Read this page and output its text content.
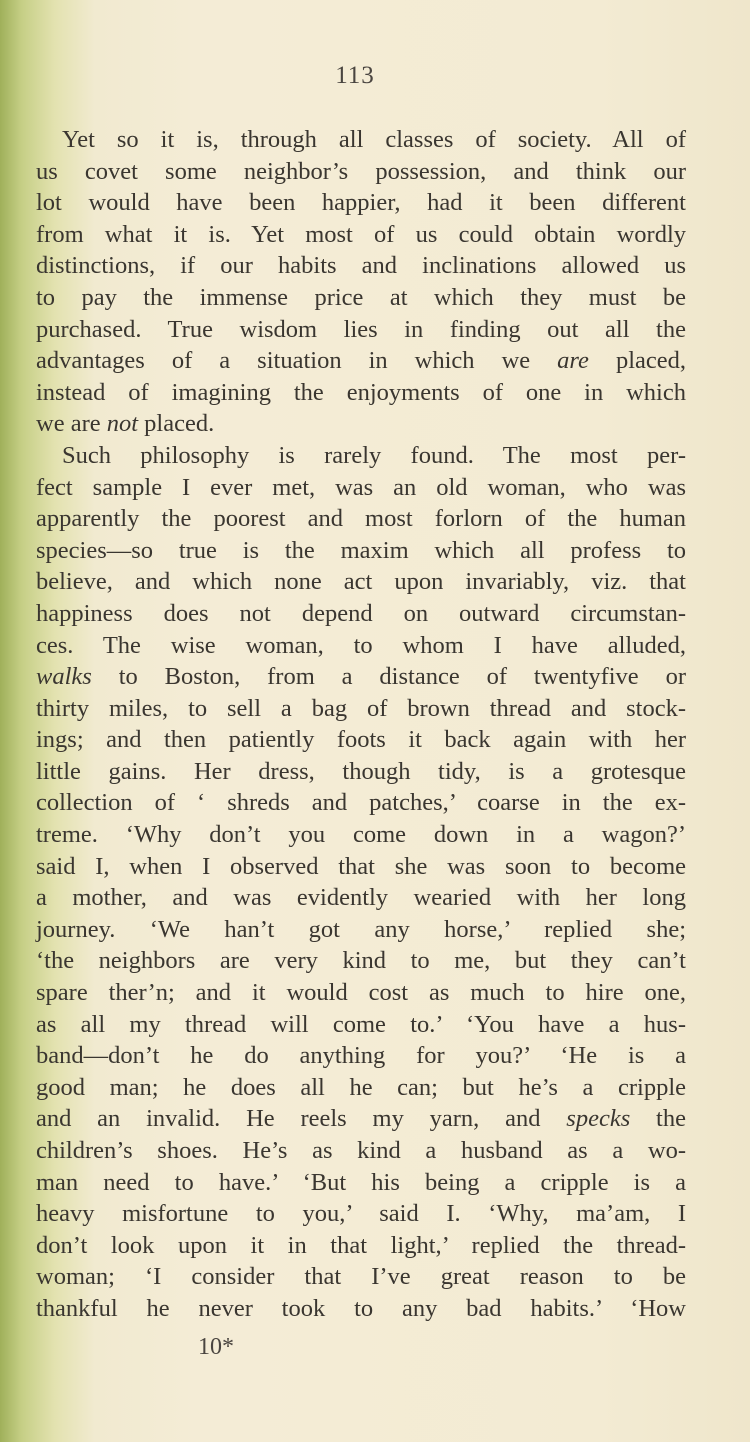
113
Yet so it is, through all classes of society. All of
us covet some neighbor’s possession, and think our
lot would have been happier, had it been different
from what it is. Yet most of us could obtain wordly
distinctions, if our habits and inclinations allowed us
to pay the immense price at which they must be
purchased. True wisdom lies in finding out all the
advantages of a situation in which we are placed,
instead of imagining the enjoyments of one in which
we are not placed.
Such philosophy is rarely found. The most per-
fect sample I ever met, was an old woman, who was
apparently the poorest and most forlorn of the human
species—so true is the maxim which all profess to
believe, and which none act upon invariably, viz. that
happiness does not depend on outward circumstan-
ces. The wise woman, to whom I have alluded,
walks to Boston, from a distance of twentyfive or
thirty miles, to sell a bag of brown thread and stock-
ings; and then patiently foots it back again with her
little gains. Her dress, though tidy, is a grotesque
collection of ‘ shreds and patches,’ coarse in the ex-
treme. ‘Why don’t you come down in a wagon?’
said I, when I observed that she was soon to become
a mother, and was evidently wearied with her long
journey. ‘We han’t got any horse,’ replied she;
‘the neighbors are very kind to me, but they can’t
spare ther’n; and it would cost as much to hire one,
as all my thread will come to.’ ‘You have a hus-
band—don’t he do anything for you?’ ‘He is a
good man; he does all he can; but he’s a cripple
and an invalid. He reels my yarn, and specks the
children’s shoes. He’s as kind a husband as a wo-
man need to have.’ ‘But his being a cripple is a
heavy misfortune to you,’ said I. ‘Why, ma’am, I
don’t look upon it in that light,’ replied the thread-
woman; ‘I consider that I’ve great reason to be
thankful he never took to any bad habits.’ ‘How
10*
